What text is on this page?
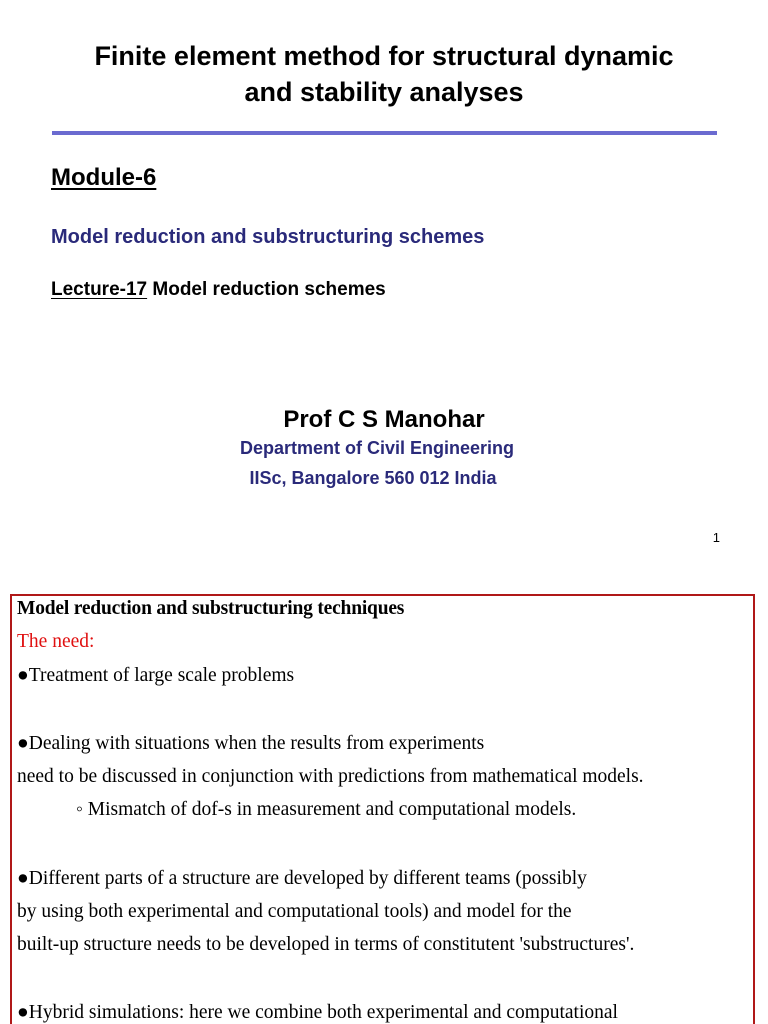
Finite element method for structural dynamic
and stability analyses
Module-6
Model reduction and substructuring schemes
Lecture-17 Model reduction schemes
Prof C S Manohar
Department of Civil Engineering
IISc, Bangalore 560 012 India
1
Model reduction and substructuring techniques
The need:
●Treatment of large scale problems
●Dealing with situations when the results from experiments
need to be discussed in conjunction with predictions from mathematical models.
◦ Mismatch of dof-s in measurement and computational models.
●Different parts of a structure are developed by different teams (possibly
by using both experimental and computational tools) and model for the
built-up structure needs to be developed in terms of constitutent 'substructures'.
●Hybrid simulations: here we combine both experimental and computational
